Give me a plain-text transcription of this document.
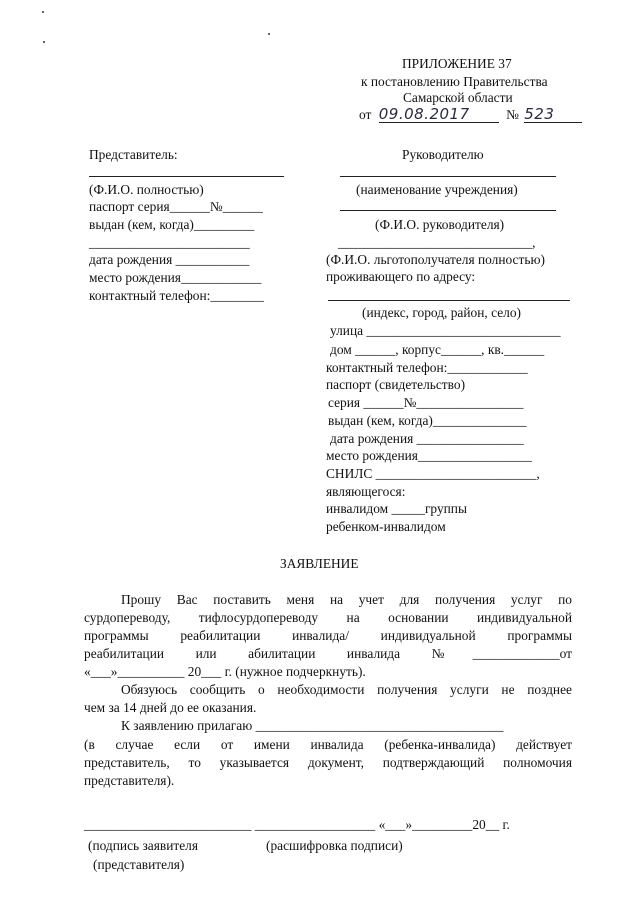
ПРИЛОЖЕНИЕ 37
к постановлению Правительства
Самарской области
от 09.08.2017	№ 523
Представитель:
(Ф.И.О. полностью)
паспорт серия______№______
выдан (кем, когда)_________
________________________
дата рождения ___________
место рождения____________
контактный телефон:________
Руководителю
(наименование учреждения)
(Ф.И.О. руководителя)
_____________________________,
(Ф.И.О. льготополучателя полностью)
проживающего по адресу:
(индекс, город, район, село)
улица _____________________________
дом ______, корпус______, кв.______
контактный телефон:____________
паспорт (свидетельство)
серия ______№________________
выдан (кем, когда)______________
дата рождения ________________
место рождения_________________
СНИЛС ________________________,
являющегося:
инвалидом _____группы
ребенком-инвалидом
ЗАЯВЛЕНИЕ
Прошу Вас поставить меня на учет для получения услуг по
сурдопереводу, тифлосурдопереводу на основании индивидуальной
программы реабилитации инвалида/ индивидуальной программы
реабилитации или абилитации инвалида №_____________от
«___»__________ 20___ г. (нужное подчеркнуть).
Обязуюсь сообщить о необходимости получения услуги не позднее
чем за 14 дней до ее оказания.
К заявлению прилагаю _____________________________________
(в случае если от имени инвалида (ребенка-инвалида) действует
представитель, то указывается документ, подтверждающий полномочия
представителя).
_________________________ __________________ «___»_________20__ г.
(подпись заявителя	(расшифровка подписи)
(представителя)
